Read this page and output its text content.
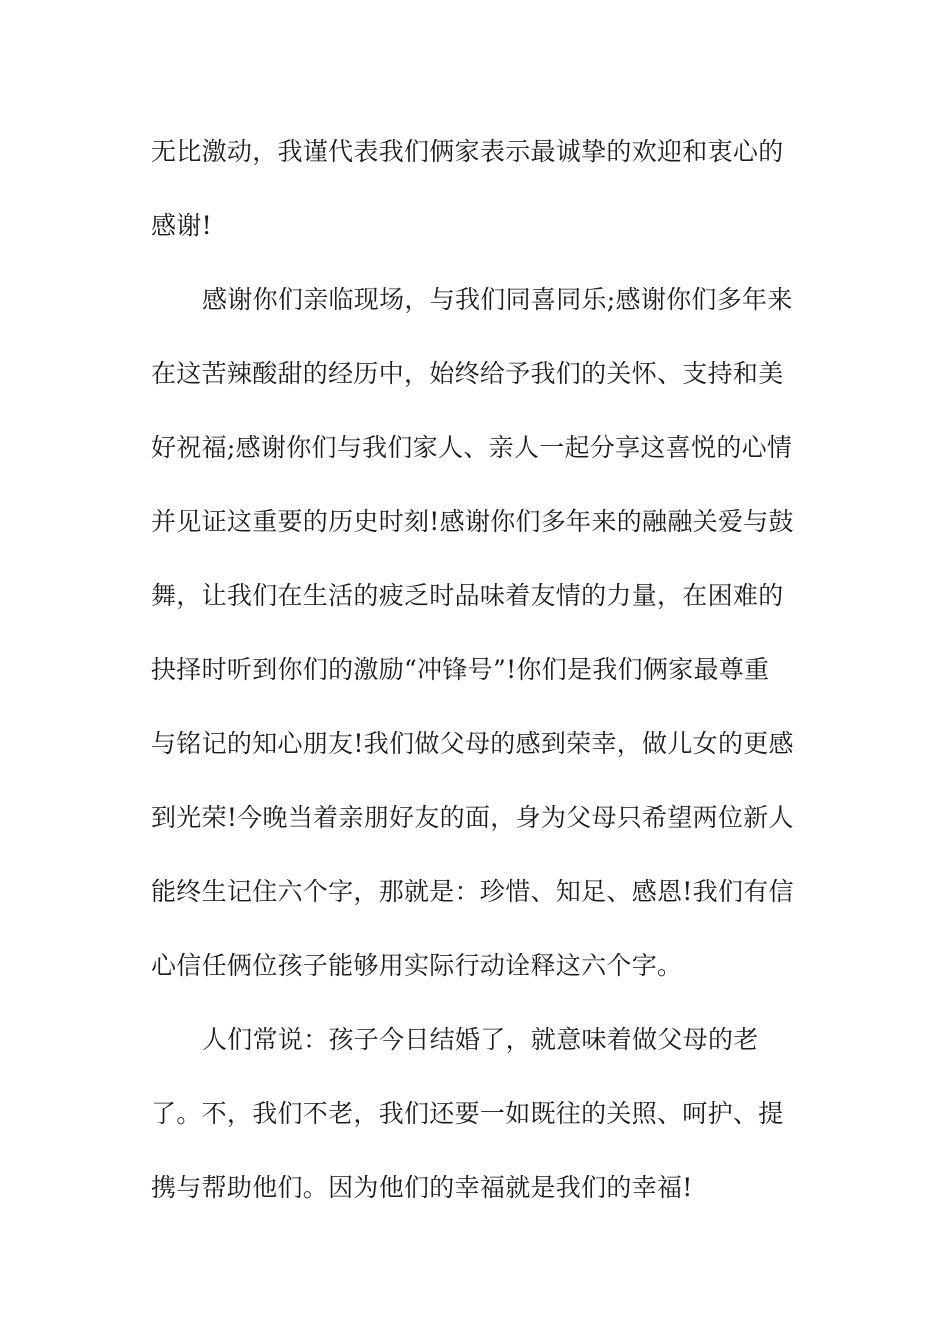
无比激动，我谨代表我们俩家表示最诚挚的欢迎和衷心的
感谢!
感谢你们亲临现场，与我们同喜同乐;感谢你们多年来
在这苦辣酸甜的经历中，始终给予我们的关怀、支持和美
好祝福;感谢你们与我们家人、亲人一起分享这喜悦的心情
并见证这重要的历史时刻!感谢你们多年来的融融关爱与鼓
舞，让我们在生活的疲乏时品味着友情的力量，在困难的
抉择时听到你们的激励“冲锋号”!你们是我们俩家最尊重
与铭记的知心朋友!我们做父母的感到荣幸，做儿女的更感
到光荣!今晚当着亲朋好友的面，身为父母只希望两位新人
能终生记住六个字，那就是：珍惜、知足、感恩!我们有信
心信任俩位孩子能够用实际行动诠释这六个字。
人们常说：孩子今日结婚了，就意味着做父母的老
了。不，我们不老，我们还要一如既往的关照、呵护、提
携与帮助他们。因为他们的幸福就是我们的幸福!
